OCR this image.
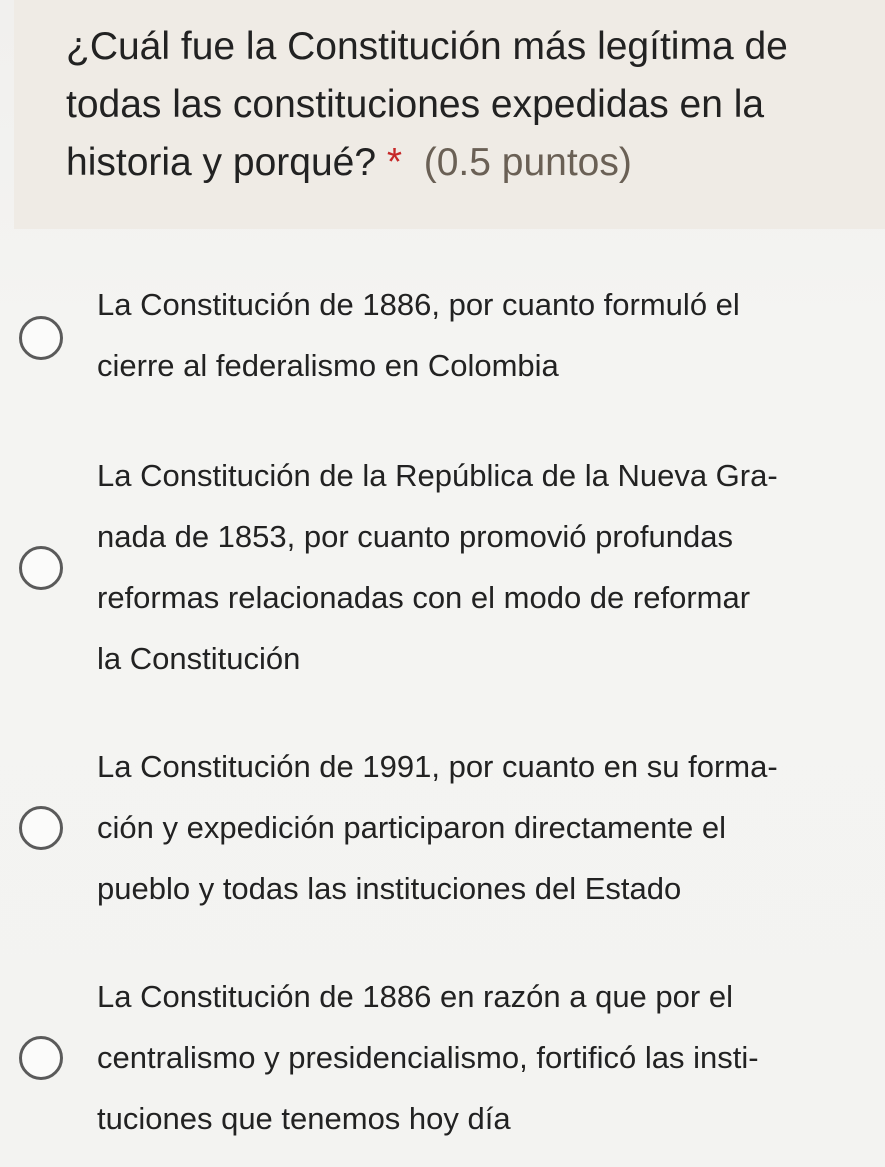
¿Cuál fue la Constitución más legítima de
todas las constituciones expedidas en la
historia y porqué? * (0.5 puntos)
La Constitución de 1886, por cuanto formuló el
cierre al federalismo en Colombia
La Constitución de la República de la Nueva Gra-
nada de 1853, por cuanto promovió profundas
reformas relacionadas con el modo de reformar
la Constitución
La Constitución de 1991, por cuanto en su forma-
ción y expedición participaron directamente el
pueblo y todas las instituciones del Estado
La Constitución de 1886 en razón a que por el
centralismo y presidencialismo, fortificó las insti-
tuciones que tenemos hoy día
